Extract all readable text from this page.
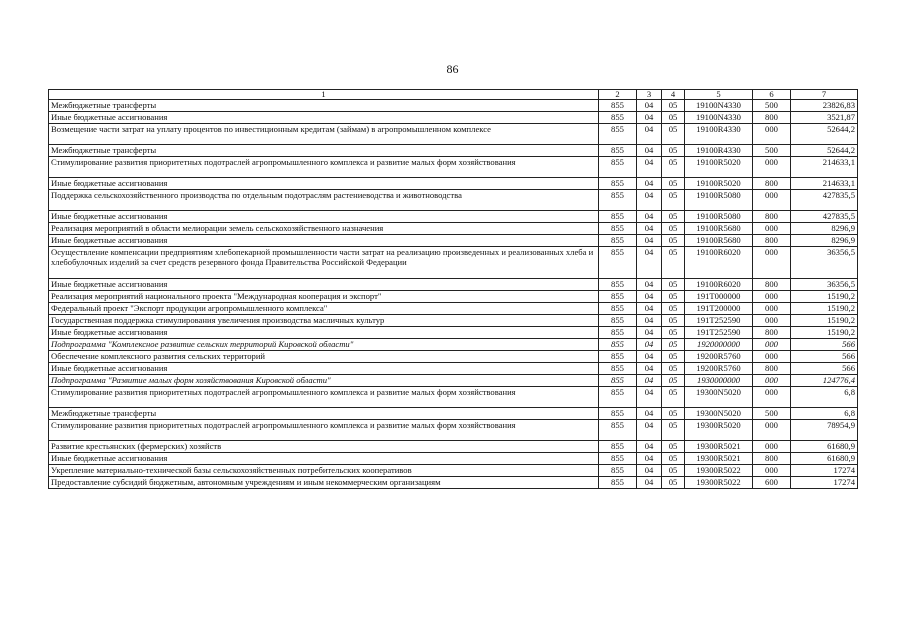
86
1	2	3	4	5	6	7
Межбюджетные трансферты	855	04	05	19100N4330	500	23826,83
Иные бюджетные ассигнования	855	04	05	19100N4330	800	3521,87
Возмещение части затрат на уплату процентов по инвестиционным кредитам (займам) в агропромышленном комплексе	855	04	05	19100R4330	000	52644,2
Межбюджетные трансферты	855	04	05	19100R4330	500	52644,2
Стимулирование развития приоритетных подотраслей агропромышленного комплекса и развитие малых форм хозяйствования	855	04	05	19100R5020	000	214633,1
Иные бюджетные ассигнования	855	04	05	19100R5020	800	214633,1
Поддержка сельскохозяйственного производства по отдельным подотраслям растениеводства и животноводства	855	04	05	19100R5080	000	427835,5
Иные бюджетные ассигнования	855	04	05	19100R5080	800	427835,5
Реализация мероприятий в области мелиорации земель сельскохозяйственного назначения	855	04	05	19100R5680	000	8296,9
Иные бюджетные ассигнования	855	04	05	19100R5680	800	8296,9
Осуществление компенсации предприятиям хлебопекарной промышленности части затрат на реализацию произведенных и реализованных хлеба и хлебобулочных изделий за счет средств резервного фонда Правительства Российской Федерации	855	04	05	19100R6020	000	36356,5
Иные бюджетные ассигнования	855	04	05	19100R6020	800	36356,5
Реализация мероприятий национального проекта "Международная кооперация и экспорт"	855	04	05	191T000000	000	15190,2
Федеральный проект "Экспорт продукции агропромышленного комплекса"	855	04	05	191T200000	000	15190,2
Государственная поддержка стимулирования увеличения производства масличных культур	855	04	05	191T252590	000	15190,2
Иные бюджетные ассигнования	855	04	05	191T252590	800	15190,2
Подпрограмма "Комплексное развитие сельских территорий Кировской области"	855	04	05	1920000000	000	566
Обеспечение комплексного развития сельских территорий	855	04	05	19200R5760	000	566
Иные бюджетные ассигнования	855	04	05	19200R5760	800	566
Подпрограмма "Развитие малых форм хозяйствования Кировской области"	855	04	05	1930000000	000	124776,4
Стимулирование развития приоритетных подотраслей агропромышленного комплекса и развитие малых форм хозяйствования	855	04	05	19300N5020	000	6,8
Межбюджетные трансферты	855	04	05	19300N5020	500	6,8
Стимулирование развития приоритетных подотраслей агропромышленного комплекса и развитие малых форм хозяйствования	855	04	05	19300R5020	000	78954,9
Развитие крестьянских (фермерских) хозяйств	855	04	05	19300R5021	000	61680,9
Иные бюджетные ассигнования	855	04	05	19300R5021	800	61680,9
Укрепление материально-технической базы сельскохозяйственных потребительских кооперативов	855	04	05	19300R5022	000	17274
Предоставление субсидий бюджетным, автономным учреждениям и иным некоммерческим организациям	855	04	05	19300R5022	600	17274
